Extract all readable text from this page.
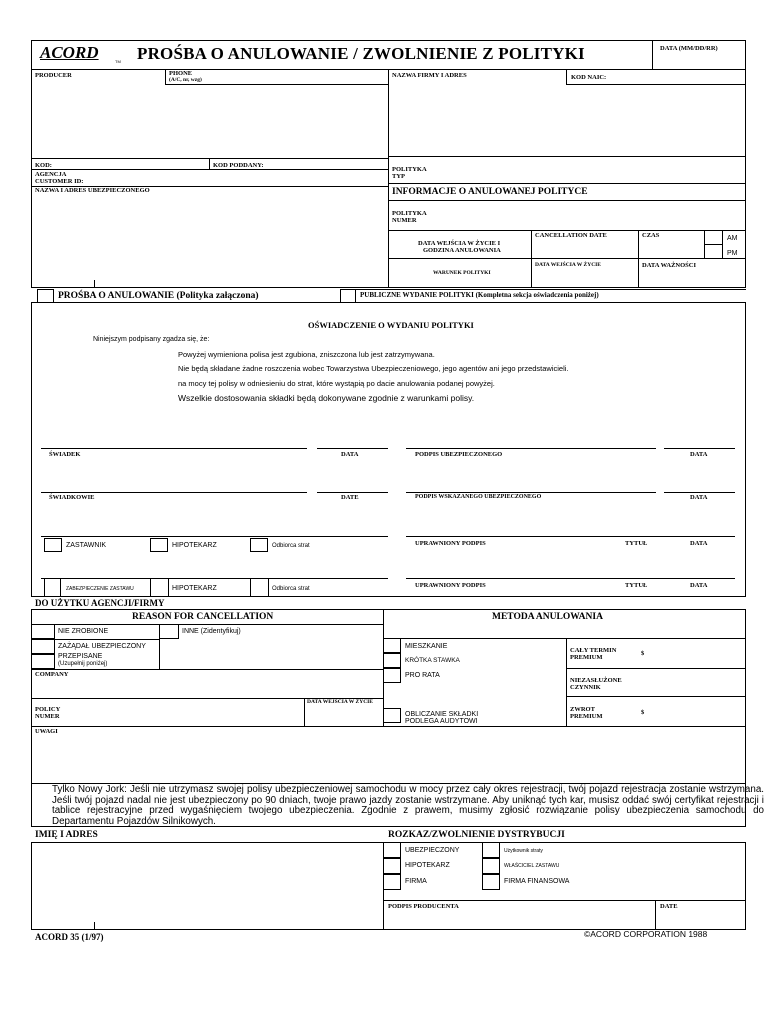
ACORD	TM PROŚBA O ANULOWANIE / ZWOLNIENIE Z POLITYKI	DATA (MM/DD/RR)
PRODUCER	PHONE
(A/C, nr, wzg)
NAZWA FIRMY I ADRES	KOD NAIC:
KOD:	KOD PODDANY:
AGENCJA
CUSTOMER ID:
NAZWA I ADRES UBEZPIECZONEGO
POLITYKA
TYP
INFORMACJE O ANULOWANEJ POLITYCE
POLITYKA
NUMER
DATA WEJŚCIA W ŻYCIE I
GODZINA ANULOWANIA
CANCELLATION DATE	CZAS	AM
PM
WARUNEK POLITYKI
DATA WEJŚCIA W ŻYCIE	DATA WAŻNOŚCI
PROŚBA O ANULOWANIE (Polityka załączona)	PUBLICZNE WYDANIE POLITYKI (Kompletna sekcja oświadczenia poniżej)
OŚWIADCZENIE O WYDANIU POLITYKI
Niniejszym podpisany zgadza się, że:
Powyżej wymieniona polisa jest zgubiona, zniszczona lub jest zatrzymywana.
Nie będą składane żadne roszczenia wobec Towarzystwa Ubezpieczeniowego, jego agentów ani jego przedstawicieli.
na mocy tej polisy w odniesieniu do strat, które wystąpią po dacie anulowania podanej powyżej.
Wszelkie dostosowania składki będą dokonywane zgodnie z warunkami polisy.
ŚWIADEK	DATA	PODPIS UBEZPIECZONEGO	DATA
ŚWIADKOWIE	DATE	PODPIS WSKAZANEGO UBEZPIECZONEGO	DATA
ZASTAWNIK	HIPOTEKARZ	Odbiorca strat	UPRAWNIONY PODPIS	TYTUŁ	DATA
ZABEZPIECZENIE ZASTAWU	HIPOTEKARZ	Odbiorca strat	UPRAWNIONY PODPIS	TYTUŁ	DATA
DO UŻYTKU AGENCJI/FIRMY
REASON FOR CANCELLATION	METODA ANULOWANIA
NIE ZROBIONE	INNE (Zidentyfikuj)
ZAŻĄDAŁ UBEZPIECZONY
PRZEPISANE
(Uzupełnij poniżej)
COMPANY
POLICY
NUMER
DATA WEJŚCIA W ŻYCIE
MIESZKANIE
KRÓTKA STAWKA
PRO RATA
OBLICZANIE SKŁADKI
PODLEGA AUDYTOWI
CAŁY TERMIN
PREMIUM
$
NIEZASŁUŻONE
CZYNNIK
ZWROT
PREMIUM
$
UWAGI
Tylko Nowy Jork: Jeśli nie utrzymasz swojej polisy ubezpieczeniowej samochodu w mocy przez cały okres rejestracji, twój pojazd rejestracja zostanie wstrzymana. Jeśli twój pojazd nadal nie jest ubezpieczony po 90 dniach, twoje prawo jazdy zostanie wstrzymane. Aby uniknąć tych kar, musisz oddać swój certyfikat rejestracji i tablice rejestracyjne przed wygaśnięciem twojego ubezpieczenia. Zgodnie z prawem, musimy zgłosić rozwiązanie polisy ubezpieczenia samochodu do Departamentu Pojazdów Silnikowych.
IMIĘ I ADRES	ROZKAZ/ZWOLNIENIE DYSTRYBUCJI
UBEZPIECZONY	Użytkownik straty
HIPOTEKARZ	WŁAŚCICIEL ZASTAWU
FIRMA	FIRMA FINANSOWA
PODPIS PRODUCENTA	DATE
ACORD 35 (1/97)	©ACORD CORPORATION 1988
